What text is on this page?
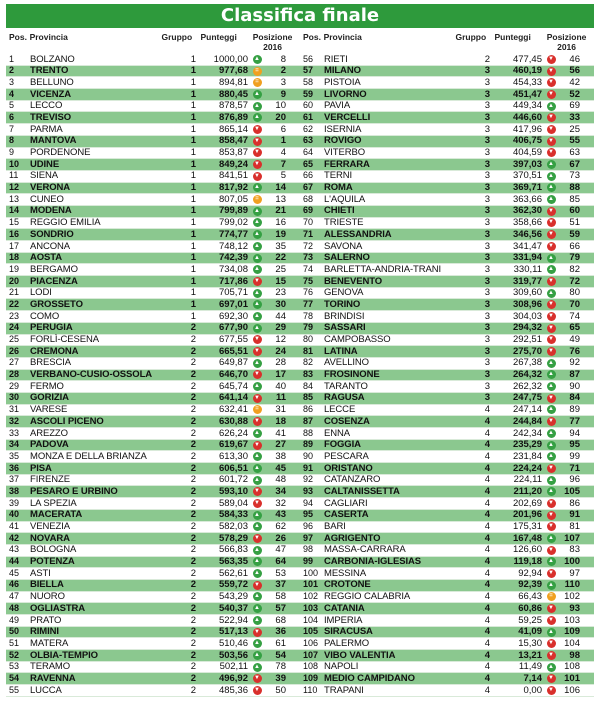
Classifica finale
Pos. Provincia	Gruppo Punteggi	Posizione
2016
1	BOLZANO	1	1000,00	▲	8
2	TRENTO	1	977,68	=	2
3	BELLUNO	1	894,81	=	3
4	VICENZA	1	880,45	▲	9
5	LECCO	1	878,57	▲	10
6	TREVISO	1	876,89	▲	20
7	PARMA	1	865,14	▼	6
8	MANTOVA	1	858,47	▼	1
9	PORDENONE	1	853,87	▼	4
10	UDINE	1	849,24	▼	7
11	SIENA	1	841,51	▼	5
12	VERONA	1	817,92	▲	14
13	CUNEO	1	807,05	=	13
14	MODENA	1	799,89	▲	21
15	REGGIO EMILIA	1	799,02	▲	16
16	SONDRIO	1	774,77	▲	19
17	ANCONA	1	748,12	▲	35
18	AOSTA	1	742,39	▲	22
19	BERGAMO	1	734,08	▲	25
20	PIACENZA	1	717,86	▼	15
21	LODI	1	705,71	▲	23
22	GROSSETO	1	697,01	▲	30
23	COMO	1	692,30	▲	44
24	PERUGIA	2	677,90	▲	29
25	FORLÌ-CESENA	2	677,55	▼	12
26	CREMONA	2	665,51	▼	24
27	BRESCIA	2	649,87	▲	28
28	VERBANO-CUSIO-OSSOLA	2	646,70	▼	17
29	FERMO	2	645,74	▲	40
30	GORIZIA	2	641,14	▼	11
31	VARESE	2	632,41	=	31
32	ASCOLI PICENO	2	630,88	▼	18
33	AREZZO	2	626,24	▲	41
34	PADOVA	2	619,67	▼	27
35	MONZA E DELLA BRIANZA	2	613,30	▲	38
36	PISA	2	606,51	▲	45
37	FIRENZE	2	601,72	▲	48
38	PESARO E URBINO	2	593,10	▼	34
39	LA SPEZIA	2	589,04	▼	32
40	MACERATA	2	584,33	▲	43
41	VENEZIA	2	582,03	▲	62
42	NOVARA	2	578,29	▼	26
43	BOLOGNA	2	566,83	▲	47
44	POTENZA	2	563,35	▲	64
45	ASTI	2	562,61	▲	53
46	BIELLA	2	559,72	▼	37
47	NUORO	2	543,29	▲	58
48	OGLIASTRA	2	540,37	▲	57
49	PRATO	2	522,94	▲	68
50	RIMINI	2	517,13	▼	36
51	MATERA	2	510,46	▲	61
52	OLBIA-TEMPIO	2	503,56	▲	54
53	TERAMO	2	502,11	▲	78
54	RAVENNA	2	496,92	▼	39
55	LUCCA	2	485,36	▼	50
Pos. Provincia	Gruppo Punteggi	Posizione
2016
56	RIETI	2	477,45	▼	46
57	MILANO	3	460,19	▼	56
58	PISTOIA	3	454,33	▼	42
59	LIVORNO	3	451,47	▼	52
60	PAVIA	3	449,34	▲	69
61	VERCELLI	3	446,60	▼	33
62	ISERNIA	3	417,96	▼	25
63	ROVIGO	3	406,75	▼	55
64	VITERBO	3	404,59	▼	63
65	FERRARA	3	397,03	▲	67
66	TERNI	3	370,51	▲	73
67	ROMA	3	369,71	▲	88
68	L'AQUILA	3	363,66	▲	85
69	CHIETI	3	362,30	▼	60
70	TRIESTE	3	358,66	▼	51
71	ALESSANDRIA	3	346,56	▼	59
72	SAVONA	3	341,47	▼	66
73	SALERNO	3	331,94	▲	79
74	BARLETTA-ANDRIA-TRANI	3	330,11	▲	82
75	BENEVENTO	3	319,77	▼	72
76	GENOVA	3	309,60	▲	80
77	TORINO	3	308,96	▼	70
78	BRINDISI	3	304,03	▼	74
79	SASSARI	3	294,32	▼	65
80	CAMPOBASSO	3	292,51	▼	49
81	LATINA	3	275,70	▼	76
82	AVELLINO	3	267,38	▲	92
83	FROSINONE	3	264,32	▲	87
84	TARANTO	3	262,32	▲	90
85	RAGUSA	3	247,75	▼	84
86	LECCE	4	247,14	▲	89
87	COSENZA	4	244,84	▼	77
88	ENNA	4	242,34	▲	94
89	FOGGIA	4	235,29	▲	95
90	PESCARA	4	231,84	▲	99
91	ORISTANO	4	224,24	▼	71
92	CATANZARO	4	224,11	▲	96
93	CALTANISSETTA	4	211,20	▲	105
94	CAGLIARI	4	202,69	▼	86
95	CASERTA	4	201,96	▼	91
96	BARI	4	175,31	▼	81
97	AGRIGENTO	4	167,48	▲	107
98	MASSA-CARRARA	4	126,60	▼	83
99	CARBONIA-IGLESIAS	4	119,18	▲	100
100 MESSINA	4	92,94	▼	97
101 CROTONE	4	92,39	▲	110
102 REGGIO CALABRIA	4	66,43	=	102
103 CATANIA	4	60,86	▼	93
104 IMPERIA	4	59,25	▼	103
105 SIRACUSA	4	41,09	▲	109
106 PALERMO	4	15,30	▼	104
107 VIBO VALENTIA	4	13,21	▼	98
108 NAPOLI	4	11,49	▲	108
109 MEDIO CAMPIDANO	4	7,14	▼	101
110 TRAPANI	4	0,00	▼	106
